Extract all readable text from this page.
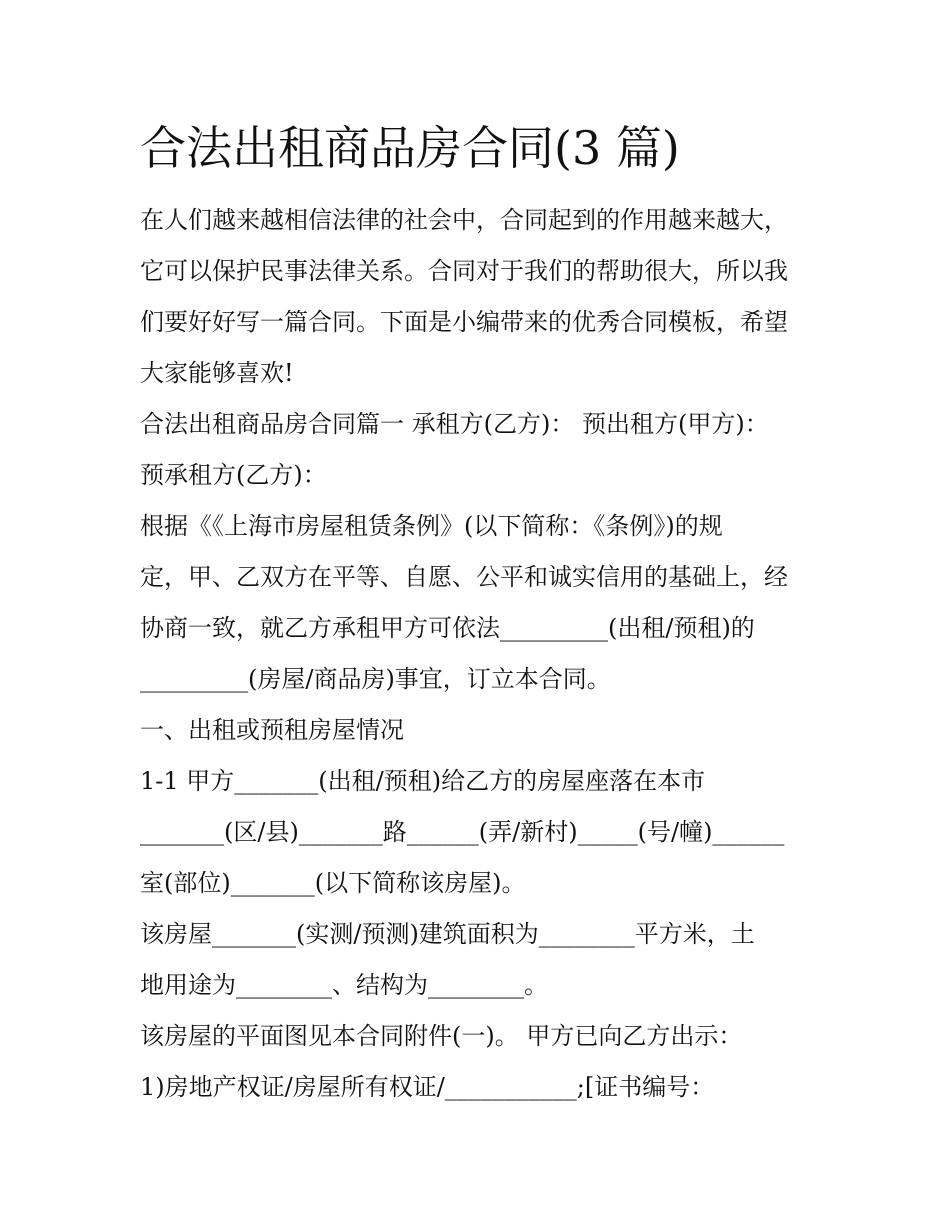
合法出租商品房合同(3 篇)

在人们越来越相信法律的社会中，合同起到的作用越来越大，

它可以保护民事法律关系。合同对于我们的帮助很大，所以我

们要好好写一篇合同。下面是小编带来的优秀合同模板，希望

大家能够喜欢!

合法出租商品房合同篇一 承租方(乙方)： 预出租方(甲方)：

预承租方(乙方)：

根据《《上海市房屋租赁条例》(以下简称：《条例》)的规

定，甲、乙双方在平等、自愿、公平和诚实信用的基础上，经

协商一致，就乙方承租甲方可依法_________(出租/预租)的

_________(房屋/商品房)事宜，订立本合同。

一、出租或预租房屋情况

1-1 甲方_______(出租/预租)给乙方的房屋座落在本市

_______(区/县)_______路______(弄/新村)_____(号/幢)______

室(部位)_______(以下简称该房屋)。

该房屋_______(实测/预测)建筑面积为________平方米，土

地用途为________、结构为________。

该房屋的平面图见本合同附件(一)。 甲方已向乙方出示：

1)房地产权证/房屋所有权证/___________;[证书编号：
